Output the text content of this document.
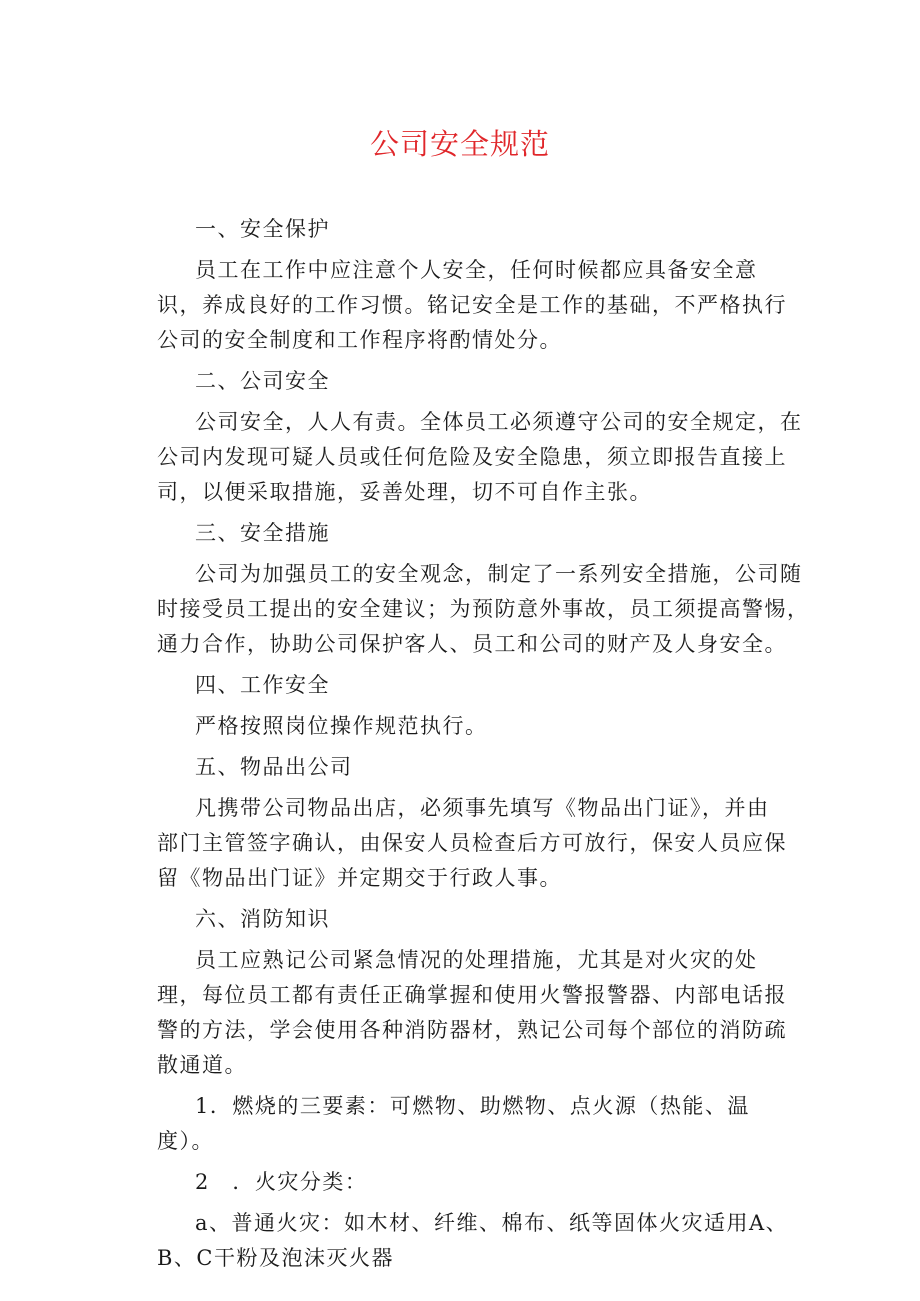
公司安全规范
一、安全保护
员工在工作中应注意个人安全，任何时候都应具备安全意
识，养成良好的工作习惯。铭记安全是工作的基础，不严格执行
公司的安全制度和工作程序将酌情处分。
二、公司安全
公司安全，人人有责。全体员工必须遵守公司的安全规定，在
公司内发现可疑人员或任何危险及安全隐患，须立即报告直接上
司，以便采取措施，妥善处理，切不可自作主张。
三、安全措施
公司为加强员工的安全观念，制定了一系列安全措施，公司随
时接受员工提出的安全建议；为预防意外事故，员工须提高警惕，
通力合作，协助公司保护客人、员工和公司的财产及人身安全。
四、工作安全
严格按照岗位操作规范执行。
五、物品出公司
凡携带公司物品出店，必须事先填写《物品出门证》，并由
部门主管签字确认，由保安人员检查后方可放行，保安人员应保
留《物品出门证》并定期交于行政人事。
六、消防知识
员工应熟记公司紧急情况的处理措施，尤其是对火灾的处
理，每位员工都有责任正确掌握和使用火警报警器、内部电话报
警的方法，学会使用各种消防器材，熟记公司每个部位的消防疏
散通道。
1．燃烧的三要素：可燃物、助燃物、点火源（热能、温
度）。
2　．火灾分类：
a、普通火灾：如木材、纤维、棉布、纸等固体火灾适用A、
B、C干粉及泡沫灭火器
